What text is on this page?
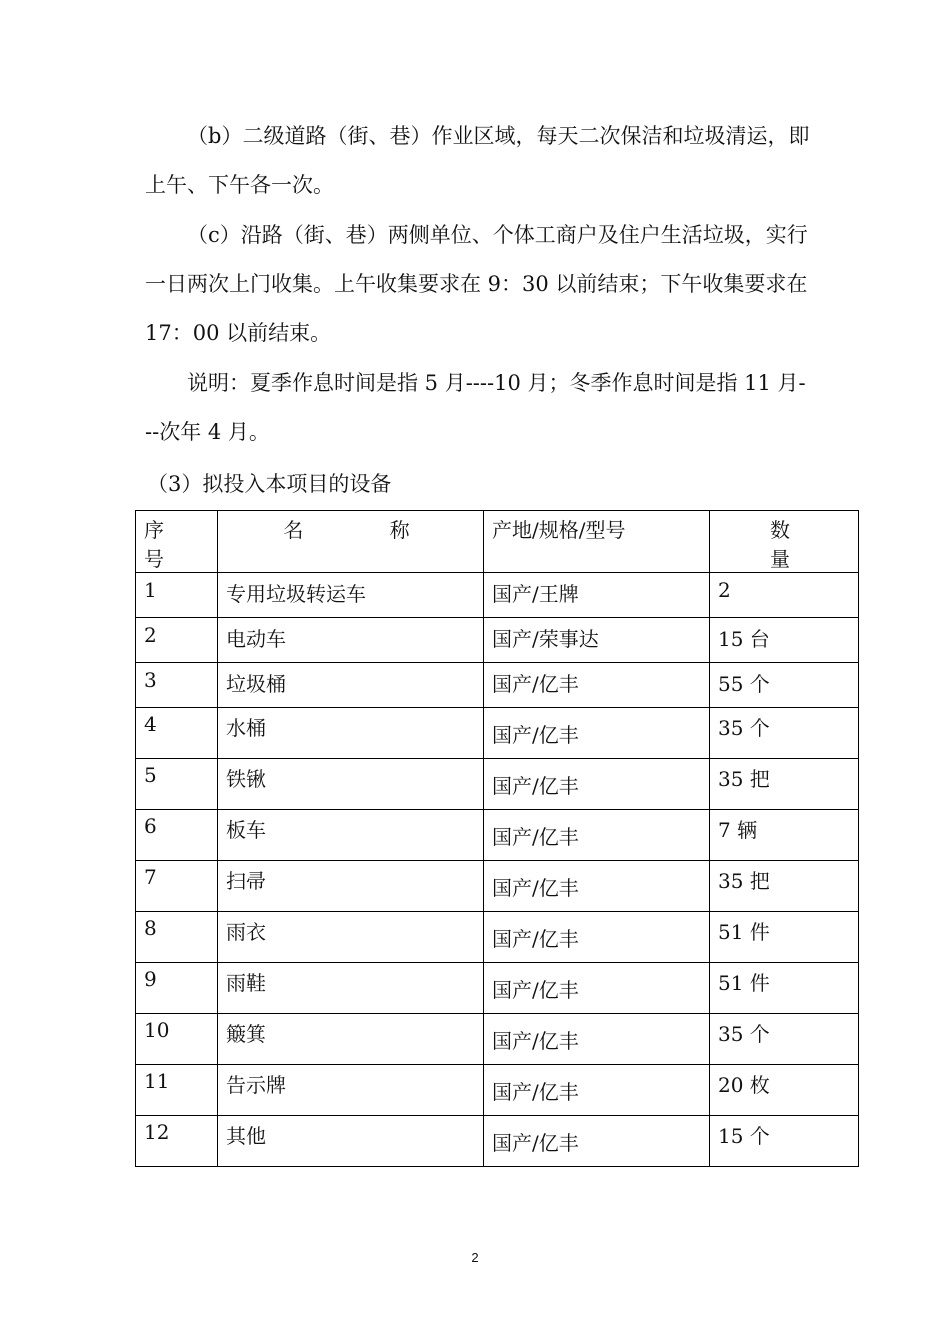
（b）二级道路（街、巷）作业区域，每天二次保洁和垃圾清运，即上午、下午各一次。

（c）沿路（街、巷）两侧单位、个体工商户及住户生活垃圾，实行一日两次上门收集。上午收集要求在 9：30 以前结束；下午收集要求在 17：00 以前结束。

说明：夏季作息时间是指 5 月----10 月；冬季作息时间是指 11 月---次年 4 月。

（3）拟投入本项目的设备

序 号	名 称	产地/规格/型号	数 量
1	专用垃圾转运车	国产/王牌	2
2	电动车	国产/荣事达	15 台
3	垃圾桶	国产/亿丰	55 个
4	水桶	国产/亿丰	35 个
5	铁锹	国产/亿丰	35 把
6	板车	国产/亿丰	7 辆
7	扫帚	国产/亿丰	35 把
8	雨衣	国产/亿丰	51 件
9	雨鞋	国产/亿丰	51 件
10	簸箕	国产/亿丰	35 个
11	告示牌	国产/亿丰	20 枚
12	其他	国产/亿丰	15 个
2
